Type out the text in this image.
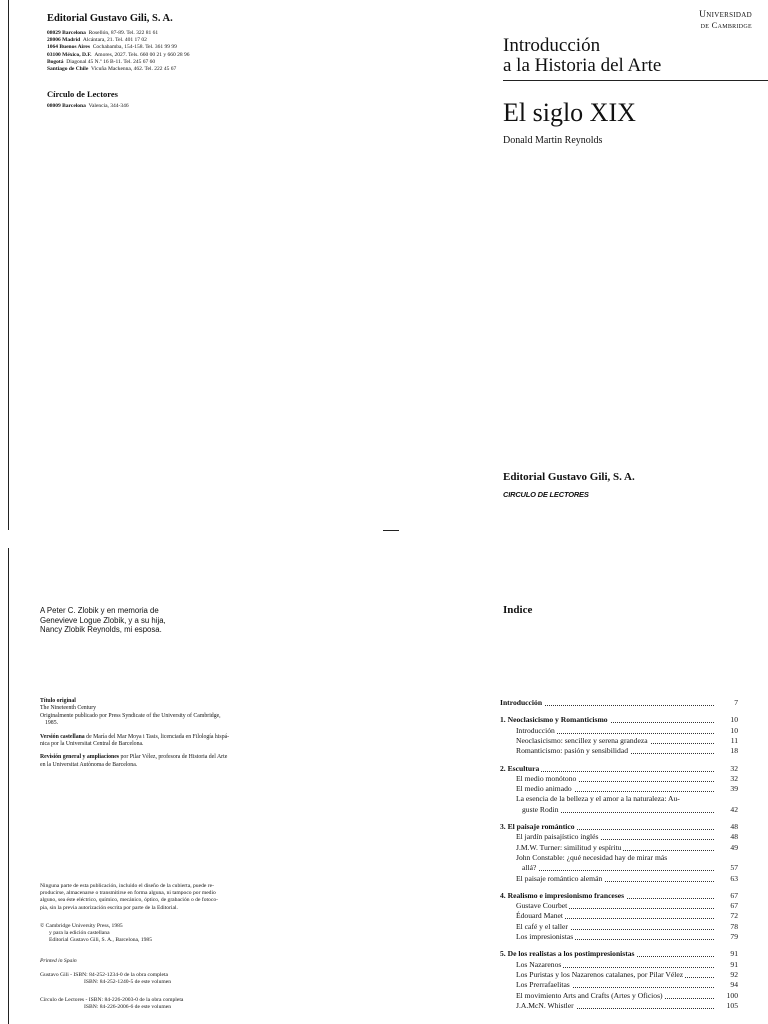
Editorial Gustavo Gili, S. A.
08029 Barcelona Rosellón, 87-89. Tel. 322 81 61
28006 Madrid Alcántara, 21. Tel. 401 17 02
1064 Buenos Aires Cochabamba, 154-158. Tel. 361 99 99
03100 México, D.F. Amores, 2027. Tels. 660 00 21 y 660 28 96
Bogotá Diagonal 45 N.º 16 B-11. Tel. 245 67 60
Santiago de Chile Vicuña Mackenna, 462. Tel. 222 45 67
Círculo de Lectores
08009 Barcelona Valencia, 344-346
Universidad
de Cambridge
Introducción
a la Historia del Arte
El siglo XIX
Donald Martin Reynolds
Editorial Gustavo Gili, S. A.
CIRCULO DE LECTORES
A Peter C. Zlobik y en memoria de
Genevieve Logue Zlobik, y a su hija,
Nancy Zlobik Reynolds, mi esposa.
Título original
The Nineteenth Century
Originalmente publicado por Press Syndicate of the University of Cambridge,
1985.
Versión castellana de María del Mar Moya i Tasis, licenciada en Filología hispá-
nica por la Universitat Central de Barcelona.
Revisión general y ampliaciones por Pilar Vélez, profesora de Historia del Arte
en la Universitat Autònoma de Barcelona.
Ninguna parte de esta publicación, incluido el diseño de la cubierta, puede re-
producirse, almacenarse o transmitirse en forma alguna, ni tampoco por medio
alguno, sea éste eléctrico, químico, mecánico, óptico, de grabación o de fotoco-
pia, sin la previa autorización escrita por parte de la Editorial.
© Cambridge University Press, 1985
y para la edición castellana
Editorial Gustavo Gili, S. A., Barcelona, 1985
Printed in Spain
Gustavo Gili - ISBN: 84-252-1234-0 de la obra completa
ISBN: 84-252-1240-5 de este volumen
Círculo de Lectores - ISBN: 84-226-2003-0 de la obra completa
ISBN: 84-226-2006-6 de este volumen
Indice
Introducción	7
1. Neoclasicismo y Romanticismo	10
Introducción	10
Neoclasicismo: sencillez y serena grandeza	11
Romanticismo: pasión y sensibilidad	18
2. Escultura	32
El medio monótono	32
El medio animado	39
La esencia de la belleza y el amor a la naturaleza: Au-
guste Rodin	42
3. El paisaje romántico	48
El jardín paisajístico inglés	48
J.M.W. Turner: similitud y espíritu	49
John Constable: ¿qué necesidad hay de mirar más
allá?	57
El paisaje romántico alemán	63
4. Realismo e impresionismo franceses	67
Gustave Courbet	67
Édouard Manet	72
El café y el taller	78
Los impresionistas	79
5. De los realistas a los postimpresionistas	91
Los Nazarenos	91
Los Puristas y los Nazarenos catalanes, por Pilar Vélez	92
Los Prerrafaelitas	94
El movimiento Arts and Crafts (Artes y Oficios)	100
J.A.McN. Whistler	105
